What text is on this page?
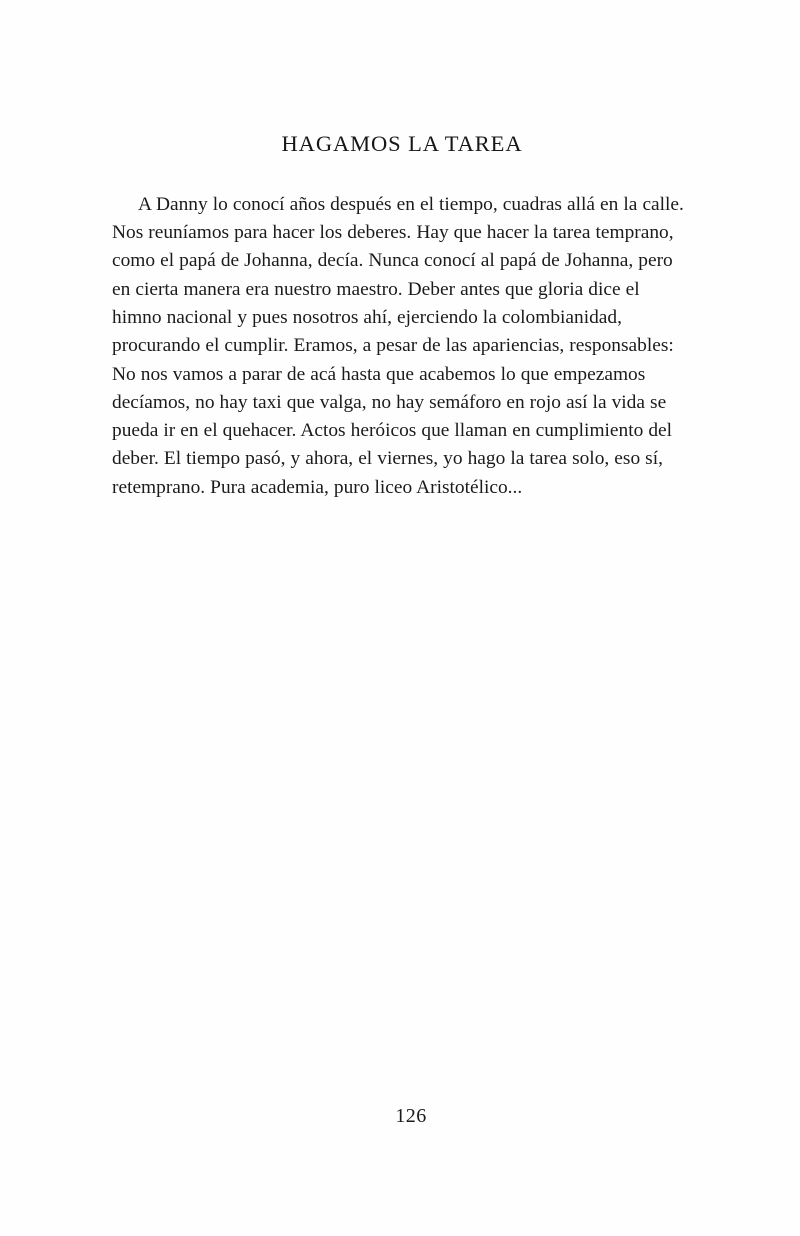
HAGAMOS LA TAREA

A Danny lo conocí años después en el tiempo, cuadras allá en la calle. Nos reuníamos para hacer los deberes. Hay que hacer la tarea temprano, como el papá de Johanna, decía. Nunca conocí al papá de Johanna, pero en cierta manera era nuestro maestro. Deber antes que gloria dice el himno nacional y pues nosotros ahí, ejerciendo la colombianidad, procurando el cumplir. Eramos, a pesar de las apariencias, responsables: No nos vamos a parar de acá hasta que acabemos lo que empezamos decíamos, no hay taxi que valga, no hay semáforo en rojo así la vida se pueda ir en el quehacer. Actos heróicos que llaman en cumplimiento del deber. El tiempo pasó, y ahora, el viernes, yo hago la tarea solo, eso sí, retemprano. Pura academia, puro liceo Aristotélico...

126
